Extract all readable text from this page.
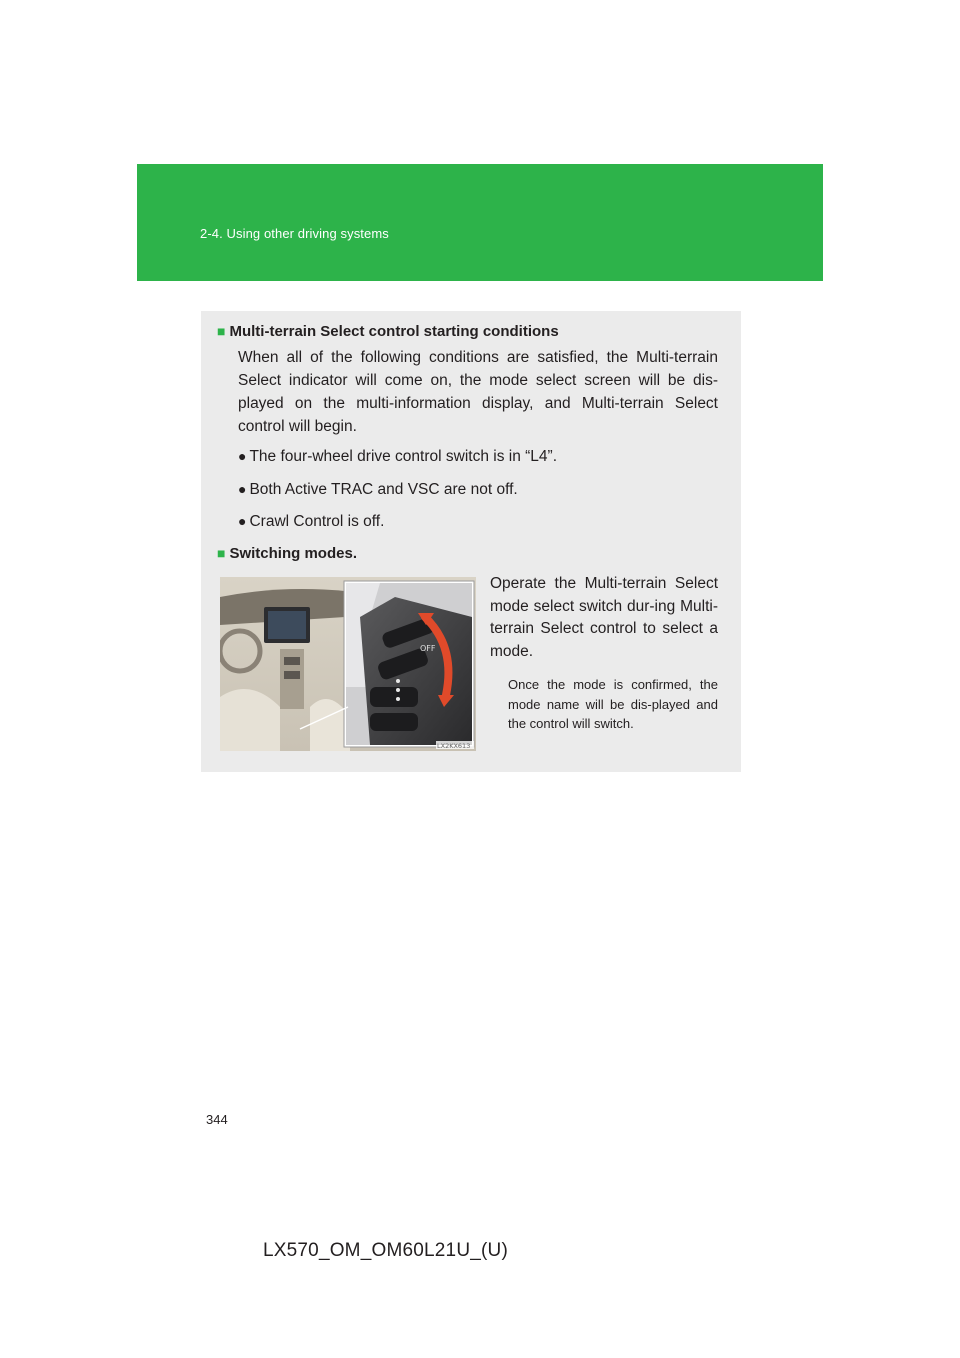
2-4. Using other driving systems
■ Multi-terrain Select control starting conditions

When all of the following conditions are satisfied, the Multi-terrain Select indicator will come on, the mode select screen will be dis-played on the multi-information display, and Multi-terrain Select control will begin.

● The four-wheel drive control switch is in “L4”.
● Both Active TRAC and VSC are not off.
● Crawl Control is off.
■ Switching modes.
OFF
LX2KX613

Operate the Multi-terrain Select mode select switch dur-ing Multi-terrain Select control to select a mode.

Once the mode is confirmed, the mode name will be dis-played and the control will switch.

344
LX570_OM_OM60L21U_(U)
